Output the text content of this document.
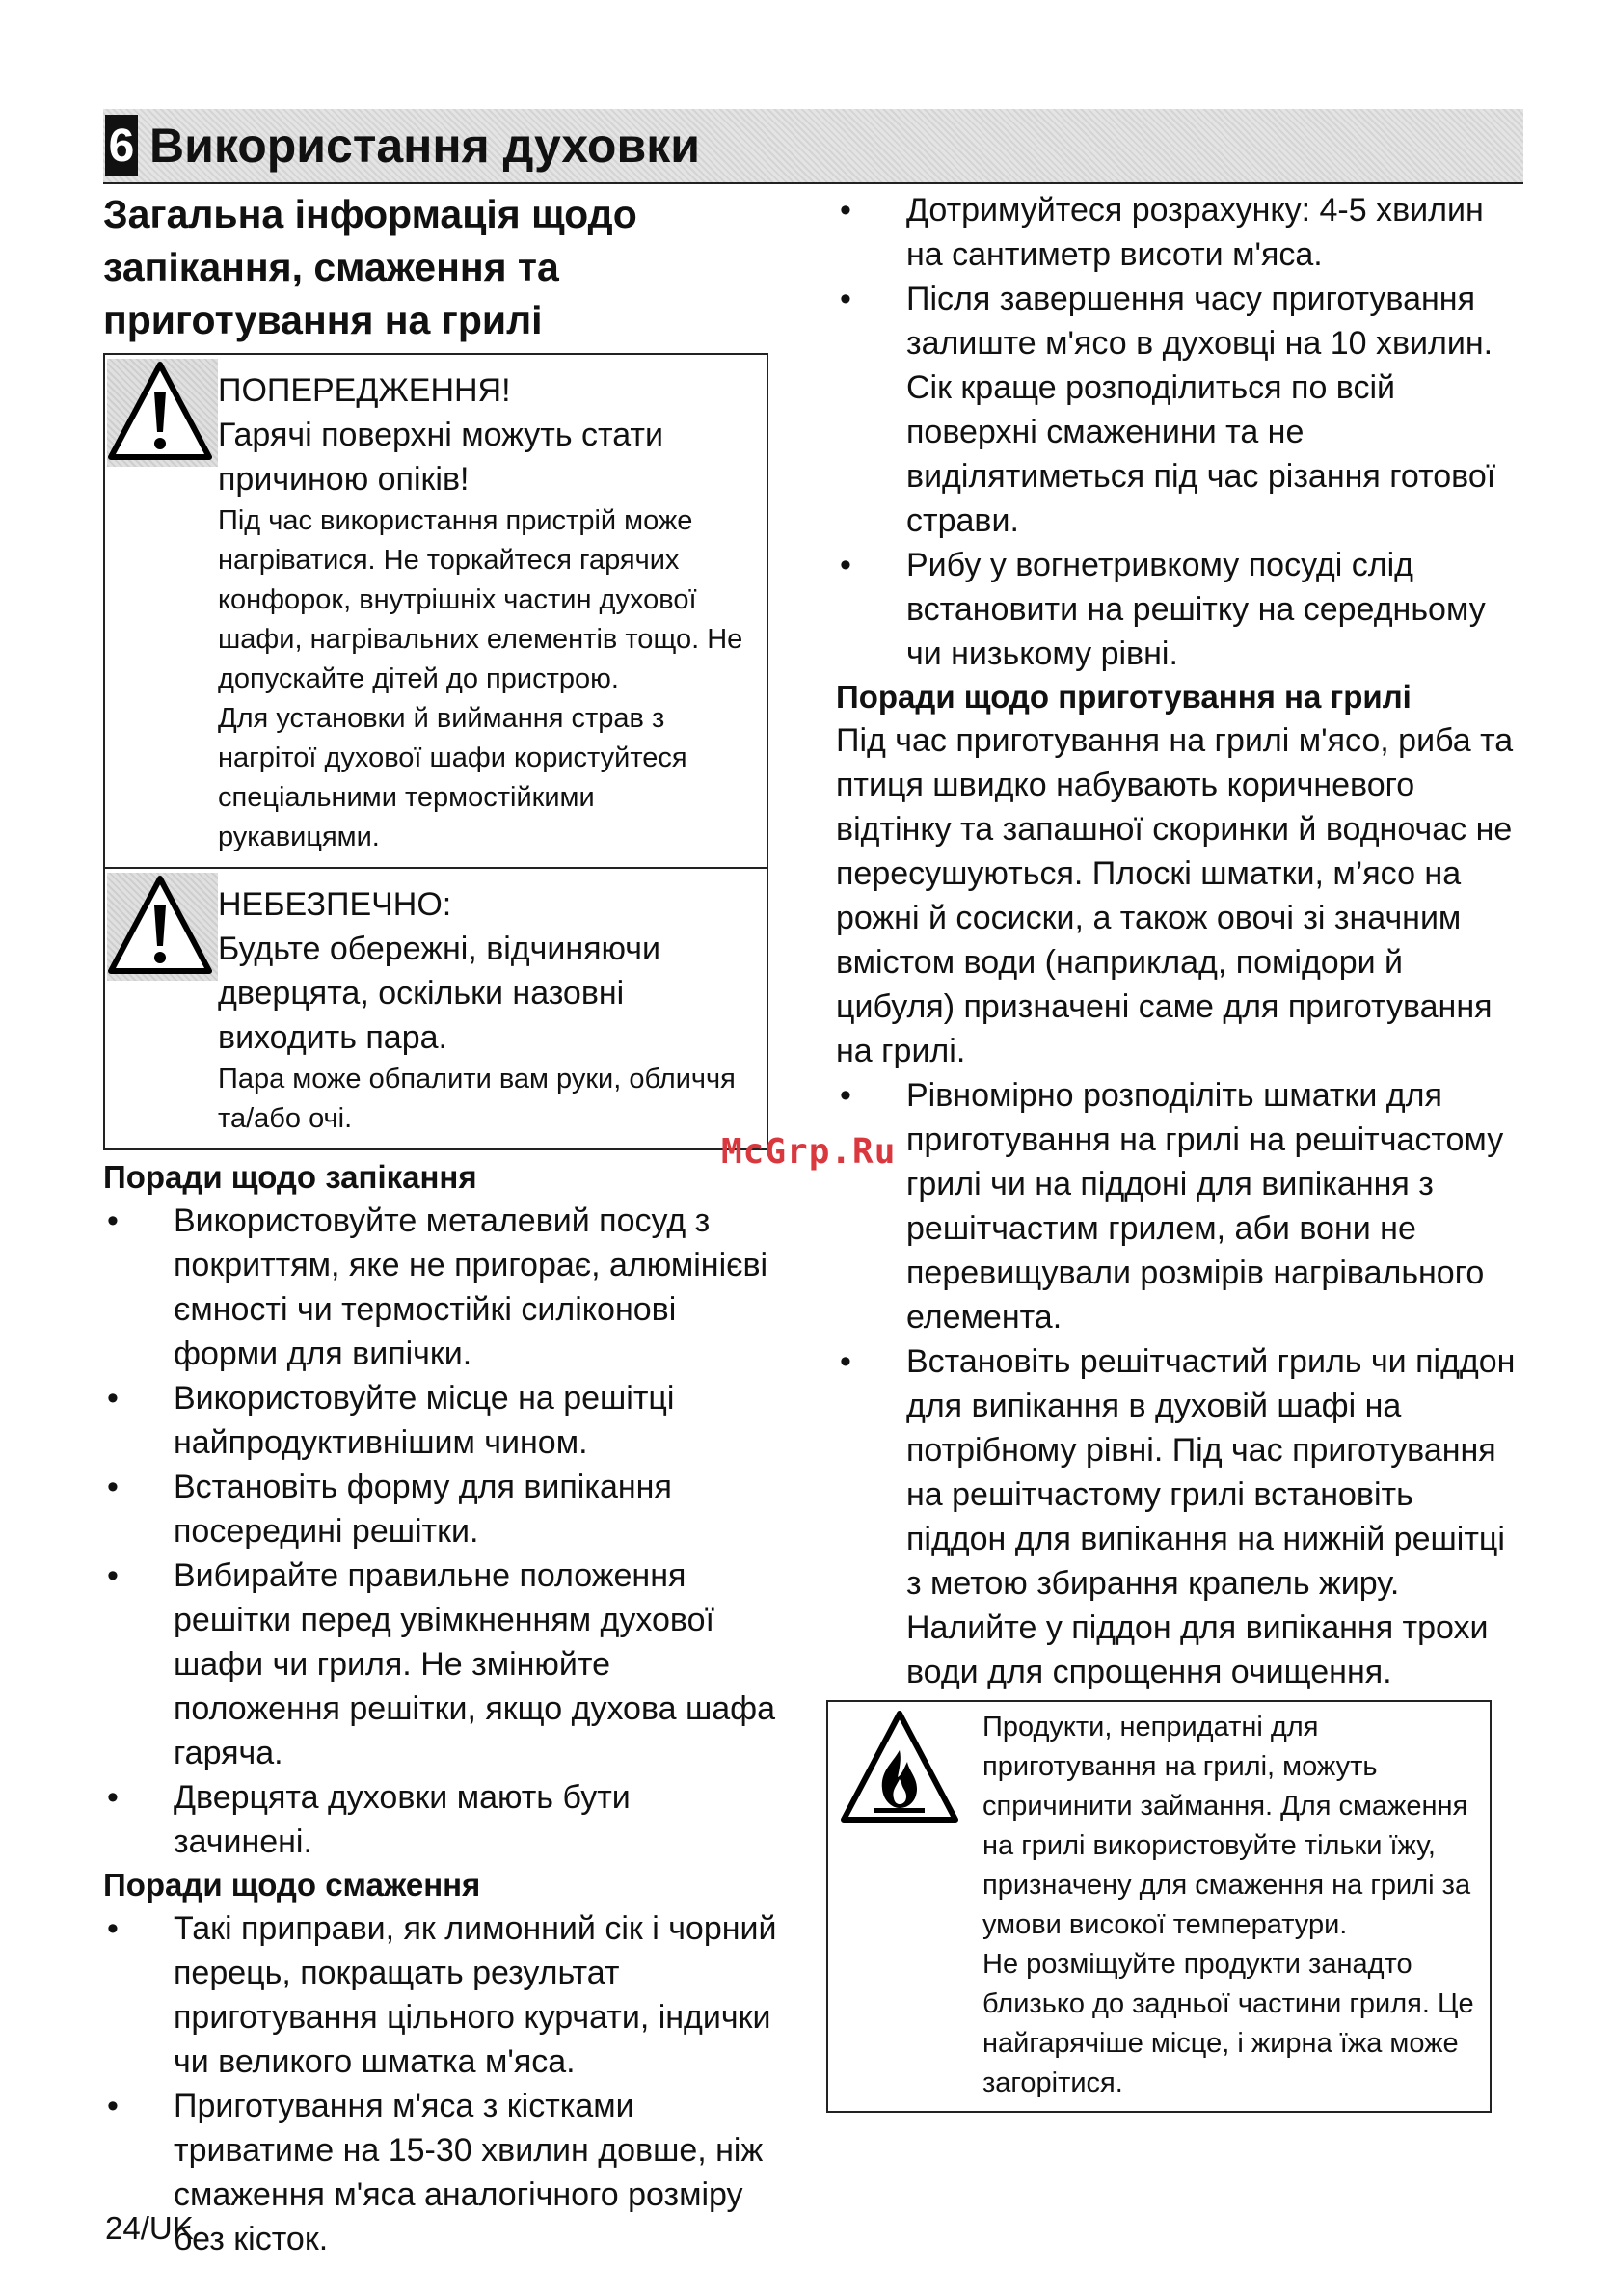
6 Використання духовки
Загальна інформація щодо запікання, смаження та приготування на грилі

ПОПЕРЕДЖЕННЯ!

Гарячі поверхні можуть стати причиною опіків!

Під час використання пристрій може нагріватися. Не торкайтеся гарячих конфорок, внутрішніх частин духової шафи, нагрівальних елементів тощо. Не допускайте дітей до пристрою.

Для установки й виймання страв з нагрітої духової шафи користуйтеся спеціальними термостійкими рукавицями.

НЕБЕЗПЕЧНО:

Будьте обережні, відчиняючи дверцята, оскільки назовні виходить пара.

Пара може обпалити вам руки, обличчя та/або очі.

Поради щодо запікання

• Використовуйте металевий посуд з покриттям, яке не пригорає, алюмінієві ємності чи термостійкі силіконові форми для випічки.
• Використовуйте місце на решітці найпродуктивнішим чином.
• Встановіть форму для випікання посередині решітки.
• Вибирайте правильне положення решітки перед увімкненням духової шафи чи гриля. Не змінюйте положення решітки, якщо духова шафа гаряча.
• Дверцята духовки мають бути зачинені.

Поради щодо смаження

• Такі приправи, як лимонний сік і чорний перець, покращать результат приготування цільного курчати, індички чи великого шматка м'яса.
• Приготування м'яса з кістками триватиме на 15-30 хвилин довше, ніж смаження м'яса аналогічного розміру без кісток.
• Дотримуйтеся розрахунку: 4-5 хвилин на сантиметр висоти м'яса.
• Після завершення часу приготування залиште м'ясо в духовці на 10 хвилин. Сік краще розподілиться по всій поверхні смаженини та не виділятиметься під час різання готової страви.
• Рибу у вогнетривкому посуді слід встановити на решітку на середньому чи низькому рівні.

Поради щодо приготування на грилі

Під час приготування на грилі м'ясо, риба та птиця швидко набувають коричневого відтінку та запашної скоринки й водночас не пересушуються. Плоскі шматки, м’ясо на рожні й сосиски, а також овочі зі значним вмістом води (наприклад, помідори й цибуля) призначені саме для приготування на грилі.

• Рівномірно розподіліть шматки для приготування на грилі на решітчастому грилі чи на піддоні для випікання з решітчастим грилем, аби вони не перевищували розмірів нагрівального елемента.
• Встановіть решітчастий гриль чи піддон для випікання в духовій шафі на потрібному рівні. Під час приготування на решітчастому грилі встановіть піддон для випікання на нижній решітці з метою збирання крапель жиру. Налийте у піддон для випікання трохи води для спрощення очищення.

Продукти, непридатні для приготування на грилі, можуть спричинити займання. Для смаження на грилі використовуйте тільки їжу, призначену для смаження на грилі за умови високої температури.

Не розміщуйте продукти занадто близько до задньої частини гриля. Це найгарячіше місце, і жирна їжа може загорітися.

McGrp.Ru
24/UK
